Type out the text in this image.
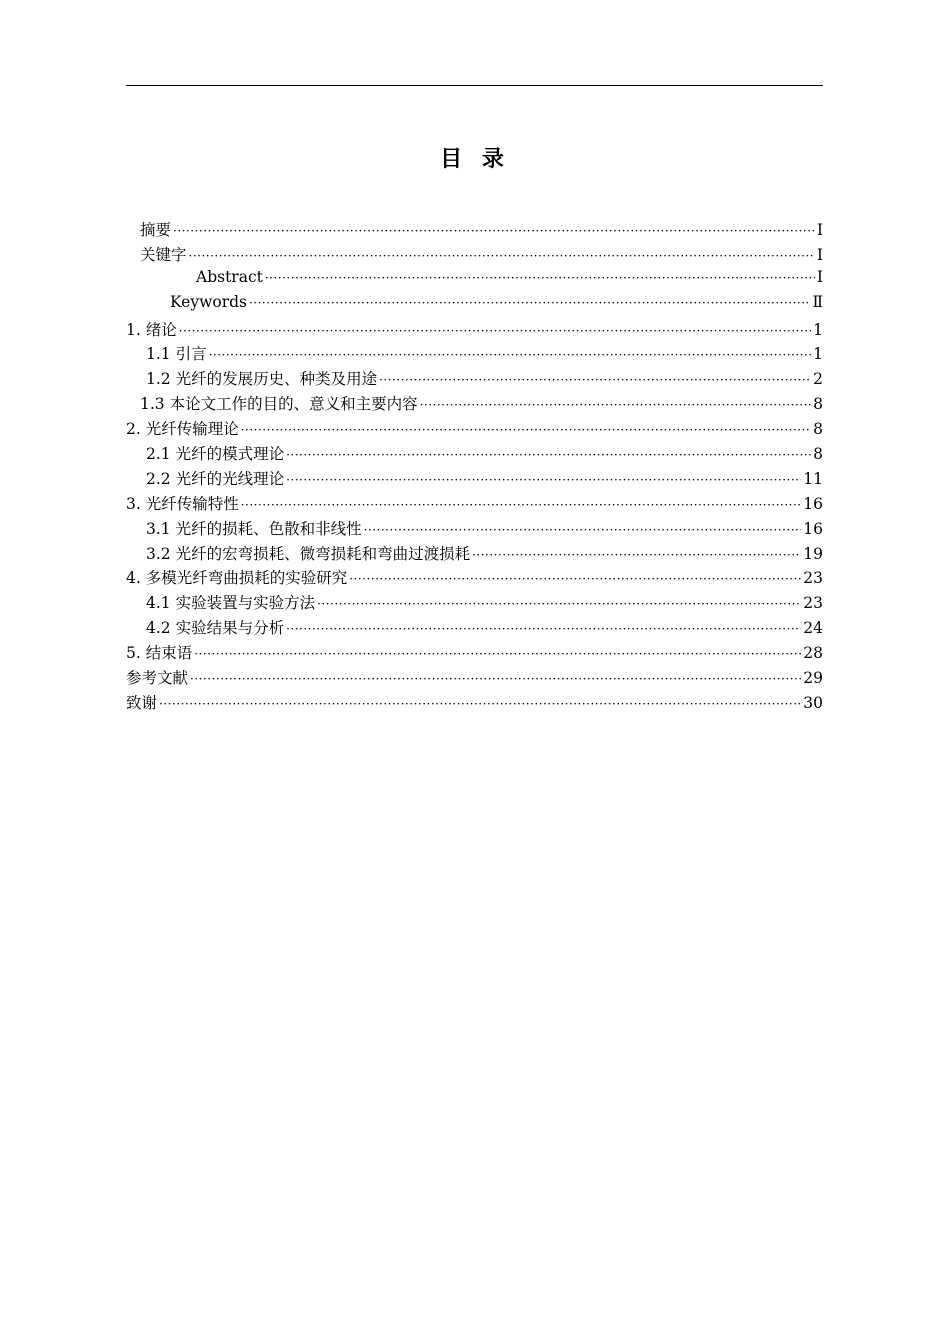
目 录
摘要 ·····	Ⅰ
关键字 ·····	Ⅰ
Abstract ·····	I
Keywords ·····	Ⅱ
1. 绪论 ·····	1
1.1 引言 ·····	1
1.2 光纤的发展历史、种类及用途 ·····	2
1.3 本论文工作的目的、意义和主要内容 ·····	8
2. 光纤传输理论 ·····	8
2.1 光纤的模式理论 ·····	8
2.2 光纤的光线理论 ·····	11
3. 光纤传输特性 ·····	16
3.1 光纤的损耗、色散和非线性 ·····	16
3.2 光纤的宏弯损耗、微弯损耗和弯曲过渡损耗 ·····	19
4. 多模光纤弯曲损耗的实验研究 ·····	23
4.1 实验装置与实验方法 ·····	23
4.2 实验结果与分析 ·····	24
5. 结束语 ·····	28
参考文献 ·····	29
致谢 ·····	30
